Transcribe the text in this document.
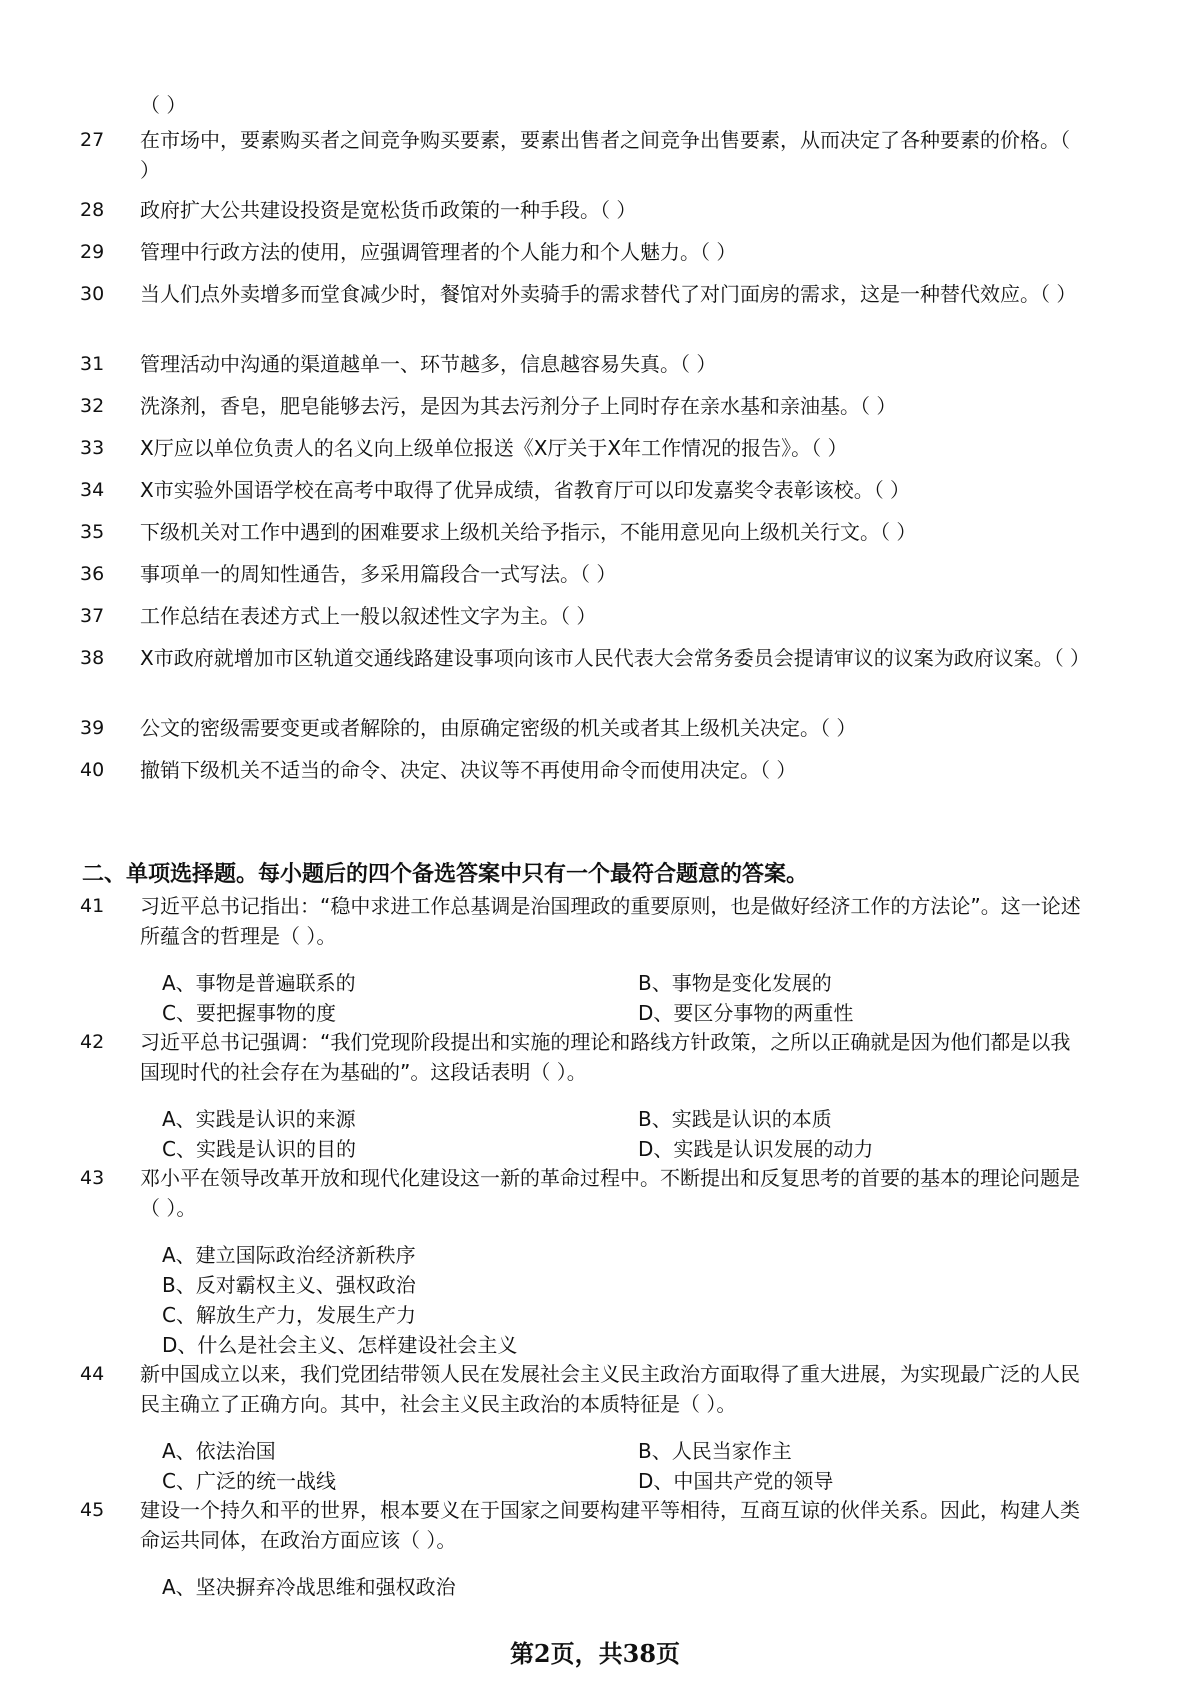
（ ）
27	在市场中，要素购买者之间竞争购买要素，要素出售者之间竞争出售要素，从而决定了各种要素的价格。（ ）
28	政府扩大公共建设投资是宽松货币政策的一种手段。（ ）
29	管理中行政方法的使用，应强调管理者的个人能力和个人魅力。（ ）
30	当人们点外卖增多而堂食减少时，餐馆对外卖骑手的需求替代了对门面房的需求，这是一种替代效应。（ ）
31	管理活动中沟通的渠道越单一、环节越多，信息越容易失真。（ ）
32	洗涤剂，香皂，肥皂能够去污，是因为其去污剂分子上同时存在亲水基和亲油基。（ ）
33	X厅应以单位负责人的名义向上级单位报送《X厅关于X年工作情况的报告》。（ ）
34	X市实验外国语学校在高考中取得了优异成绩，省教育厅可以印发嘉奖令表彰该校。（ ）
35	下级机关对工作中遇到的困难要求上级机关给予指示，不能用意见向上级机关行文。（ ）
36	事项单一的周知性通告，多采用篇段合一式写法。（ ）
37	工作总结在表述方式上一般以叙述性文字为主。（ ）
38	X市政府就增加市区轨道交通线路建设事项向该市人民代表大会常务委员会提请审议的议案为政府议案。（ ）
39	公文的密级需要变更或者解除的，由原确定密级的机关或者其上级机关决定。（ ）
40	撤销下级机关不适当的命令、决定、决议等不再使用命令而使用决定。（ ）
二、单项选择题。每小题后的四个备选答案中只有一个最符合题意的答案。
41	习近平总书记指出：“稳中求进工作总基调是治国理政的重要原则，也是做好经济工作的方法论”。这一论述所蕴含的哲理是（ ）。
A、事物是普遍联系的	B、事物是变化发展的
C、要把握事物的度	D、要区分事物的两重性
42	习近平总书记强调：“我们党现阶段提出和实施的理论和路线方针政策，之所以正确就是因为他们都是以我国现时代的社会存在为基础的”。这段话表明（ ）。
A、实践是认识的来源	B、实践是认识的本质
C、实践是认识的目的	D、实践是认识发展的动力
43	邓小平在领导改革开放和现代化建设这一新的革命过程中。不断提出和反复思考的首要的基本的理论问题是（ ）。
A、建立国际政治经济新秩序
B、反对霸权主义、强权政治
C、解放生产力，发展生产力
D、什么是社会主义、怎样建设社会主义
44	新中国成立以来，我们党团结带领人民在发展社会主义民主政治方面取得了重大进展，为实现最广泛的人民民主确立了正确方向。其中，社会主义民主政治的本质特征是（ ）。
A、依法治国	B、人民当家作主
C、广泛的统一战线	D、中国共产党的领导
45	建设一个持久和平的世界，根本要义在于国家之间要构建平等相待，互商互谅的伙伴关系。因此，构建人类命运共同体，在政治方面应该（ ）。
A、坚决摒弃冷战思维和强权政治
第2页，共38页
